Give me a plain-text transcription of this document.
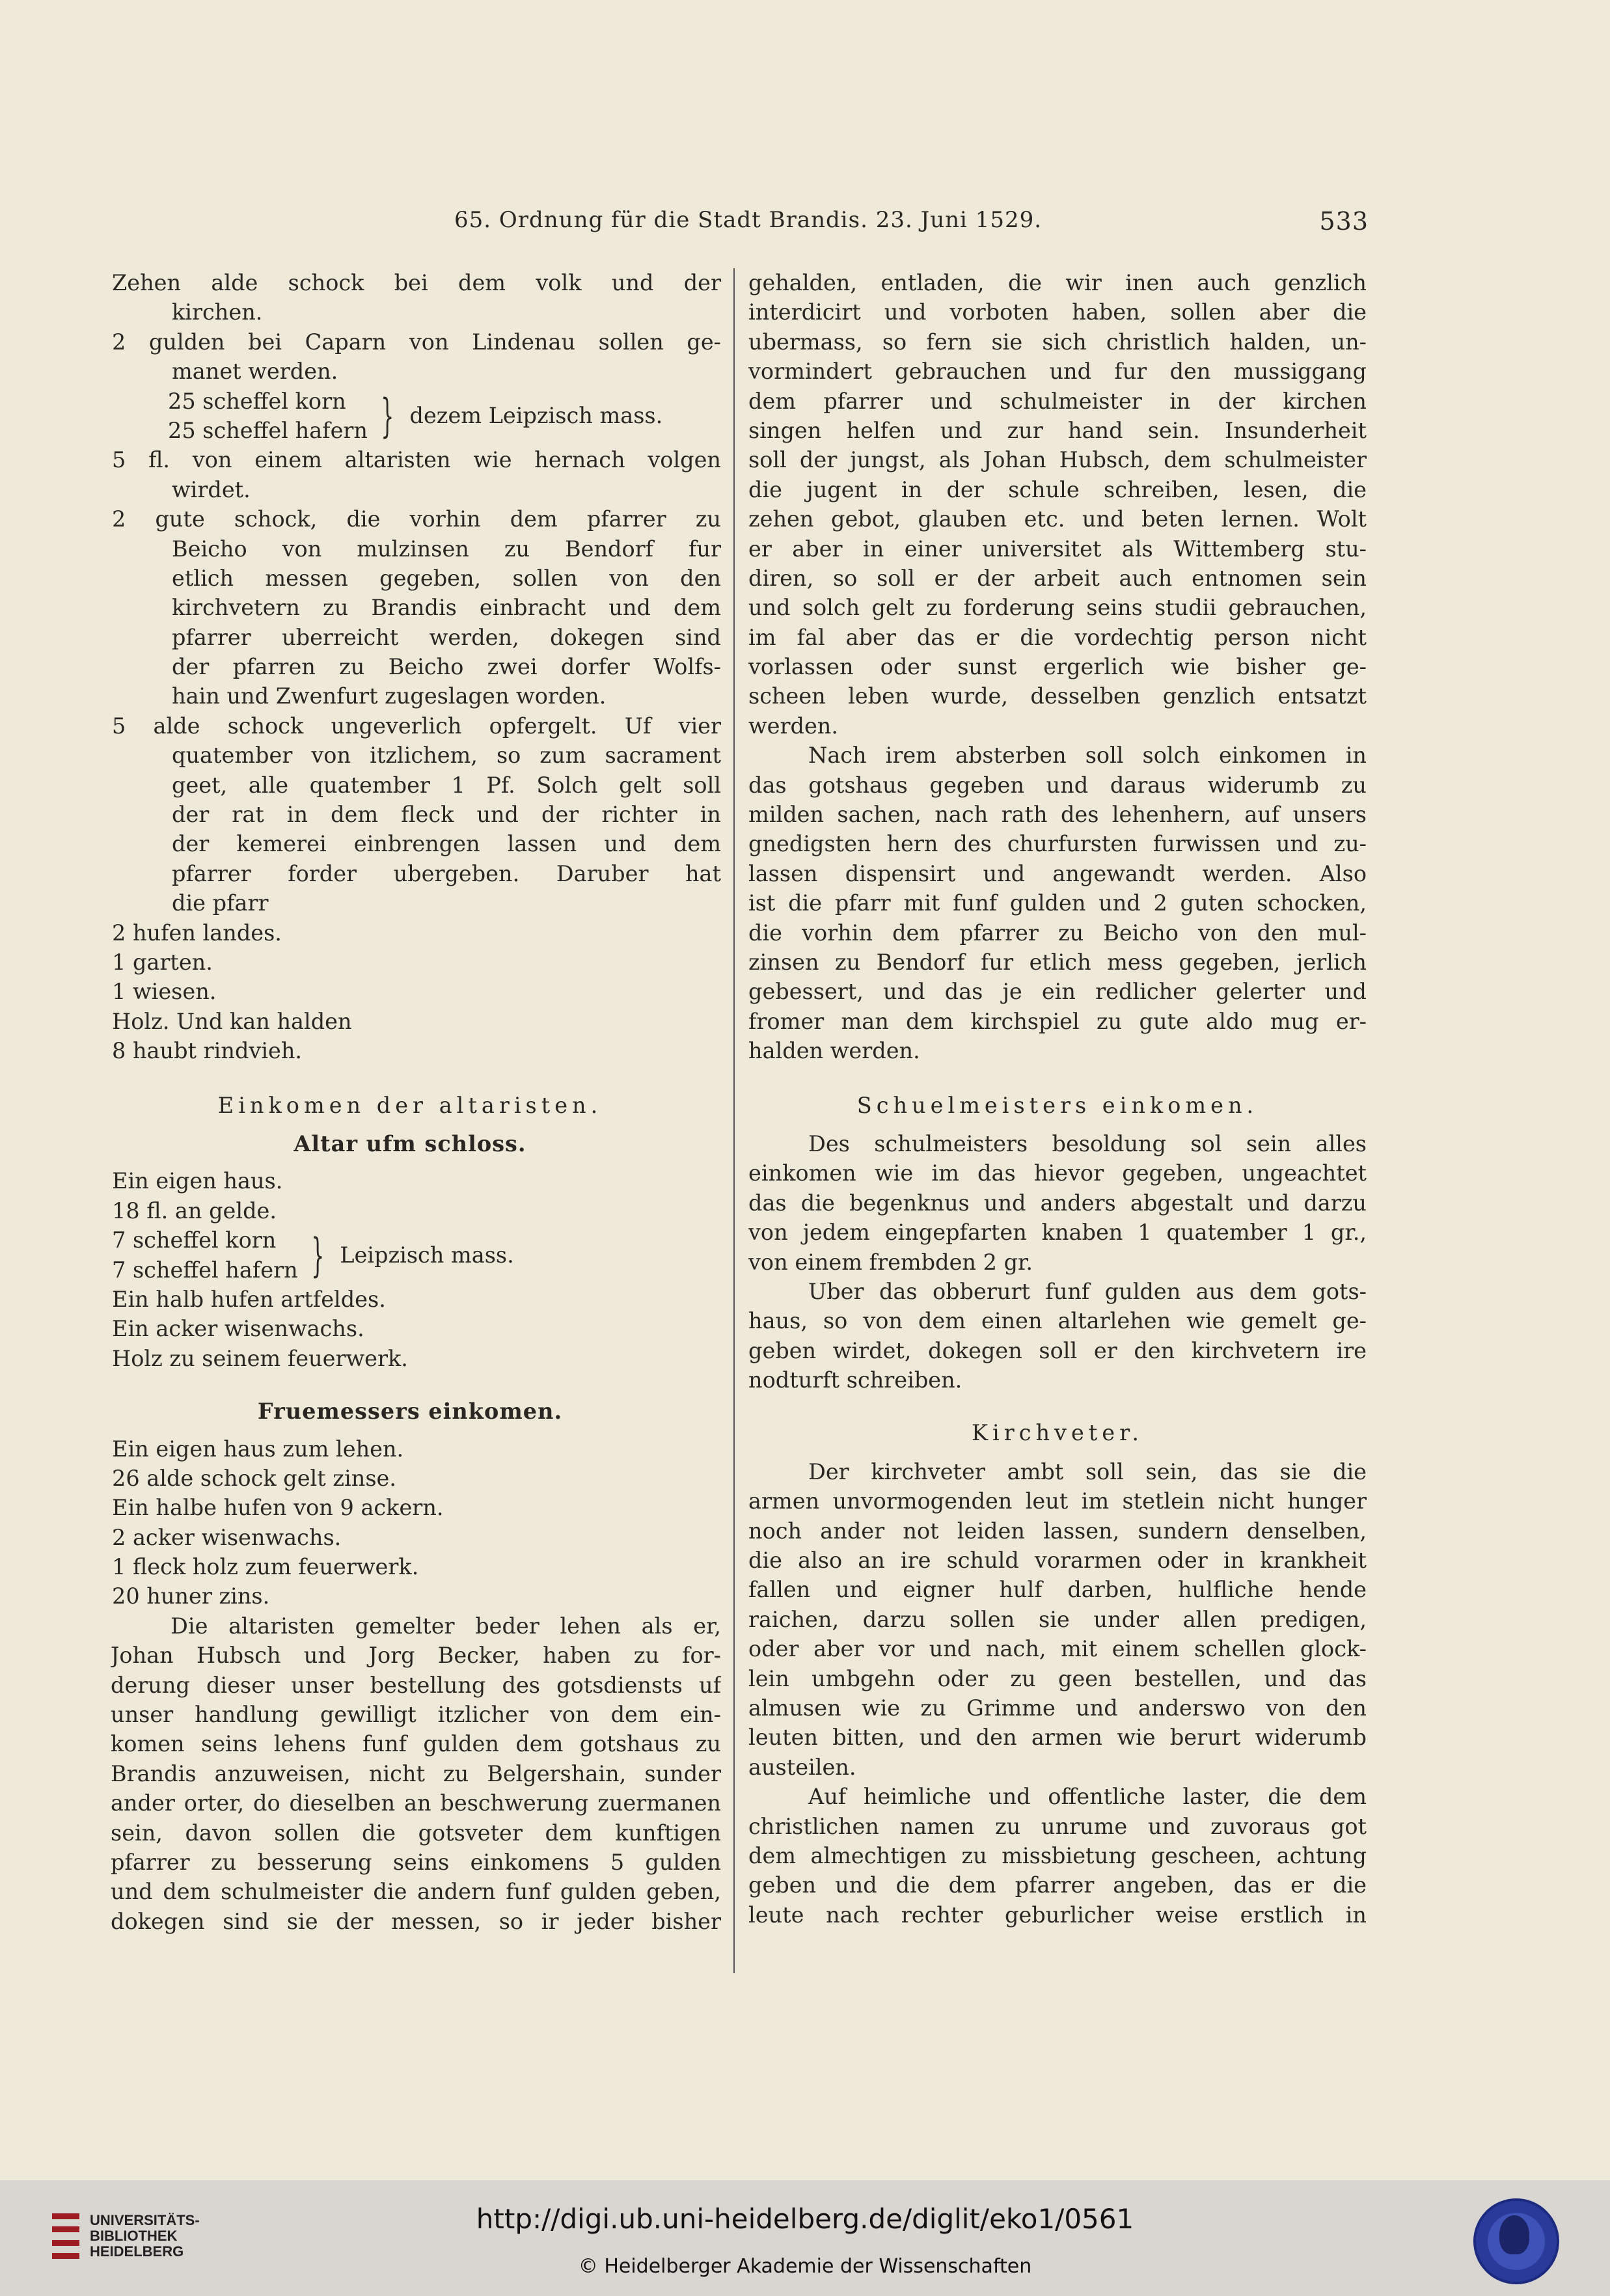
65. Ordnung für die Stadt Brandis. 23. Juni 1529.	533
Zehen alde schock bei dem volk und der
kirchen.
2 gulden bei Caparn von Lindenau sollen ge-
manet werden.
25 scheffel korn
25 scheffel hafern } dezem Leipzisch mass.
5 fl. von einem altaristen wie hernach volgen
wirdet.
2 gute schock, die vorhin dem pfarrer zu
Beicho von mulzinsen zu Bendorf fur
etlich messen gegeben, sollen von den
kirchvetern zu Brandis einbracht und dem
pfarrer uberreicht werden, dokegen sind
der pfarren zu Beicho zwei dorfer Wolfs-
hain und Zwenfurt zugeslagen worden.
5 alde schock ungeverlich opfergelt. Uf vier
quatember von itzlichem, so zum sacrament
geet, alle quatember 1 Pf. Solch gelt soll
der rat in dem fleck und der richter in
der kemerei einbrengen lassen und dem
pfarrer forder ubergeben. Daruber hat
die pfarr
2 hufen landes.
1 garten.
1 wiesen.
Holz. Und kan halden
8 haubt rindvieh.
Einkomen der altaristen.
Altar ufm schloss.
Ein eigen haus.
18 fl. an gelde.
7 scheffel korn
7 scheffel hafern } Leipzisch mass.
Ein halb hufen artfeldes.
Ein acker wisenwachs.
Holz zu seinem feuerwerk.
Fruemessers einkomen.
Ein eigen haus zum lehen.
26 alde schock gelt zinse.
Ein halbe hufen von 9 ackern.
2 acker wisenwachs.
1 fleck holz zum feuerwerk.
20 huner zins.
Die altaristen gemelter beder lehen als er,
Johan Hubsch und Jorg Becker, haben zu for-
derung dieser unser bestellung des gotsdiensts uf
unser handlung gewilligt itzlicher von dem ein-
komen seins lehens funf gulden dem gotshaus zu
Brandis anzuweisen, nicht zu Belgershain, sunder
ander orter, do dieselben an beschwerung zuermanen
sein, davon sollen die gotsveter dem kunftigen
pfarrer zu besserung seins einkomens 5 gulden
und dem schulmeister die andern funf gulden geben,
dokegen sind sie der messen, so ir jeder bisher
gehalden, entladen, die wir inen auch genzlich
interdicirt und vorboten haben, sollen aber die
ubermass, so fern sie sich christlich halden, un-
vormindert gebrauchen und fur den mussiggang
dem pfarrer und schulmeister in der kirchen
singen helfen und zur hand sein. Insunderheit
soll der jungst, als Johan Hubsch, dem schulmeister
die jugent in der schule schreiben, lesen, die
zehen gebot, glauben etc. und beten lernen. Wolt
er aber in einer universitet als Wittemberg stu-
diren, so soll er der arbeit auch entnomen sein
und solch gelt zu forderung seins studii gebrauchen,
im fal aber das er die vordechtig person nicht
vorlassen oder sunst ergerlich wie bisher ge-
scheen leben wurde, desselben genzlich entsatzt
werden.
Nach irem absterben soll solch einkomen in
das gotshaus gegeben und daraus widerumb zu
milden sachen, nach rath des lehenhern, auf unsers
gnedigsten hern des churfursten furwissen und zu-
lassen dispensirt und angewandt werden. Also
ist die pfarr mit funf gulden und 2 guten schocken,
die vorhin dem pfarrer zu Beicho von den mul-
zinsen zu Bendorf fur etlich mess gegeben, jerlich
gebessert, und das je ein redlicher gelerter und
fromer man dem kirchspiel zu gute aldo mug er-
halden werden.
Schuelmeisters einkomen.
Des schulmeisters besoldung sol sein alles
einkomen wie im das hievor gegeben, ungeachtet
das die begenknus und anders abgestalt und darzu
von jedem eingepfarten knaben 1 quatember 1 gr.,
von einem frembden 2 gr.
Uber das obberurt funf gulden aus dem gots-
haus, so von dem einen altarlehen wie gemelt ge-
geben wirdet, dokegen soll er den kirchvetern ire
nodturft schreiben.
Kirchveter.
Der kirchveter ambt soll sein, das sie die
armen unvormogenden leut im stetlein nicht hunger
noch ander not leiden lassen, sundern denselben,
die also an ire schuld vorarmen oder in krankheit
fallen und eigner hulf darben, hulfliche hende
raichen, darzu sollen sie under allen predigen,
oder aber vor und nach, mit einem schellen glock-
lein umbgehn oder zu geen bestellen, und das
almusen wie zu Grimme und anderswo von den
leuten bitten, und den armen wie berurt widerumb
austeilen.
Auf heimliche und offentliche laster, die dem
christlichen namen zu unrume und zuvoraus got
dem almechtigen zu missbietung gescheen, achtung
geben und die dem pfarrer angeben, das er die
leute nach rechter geburlicher weise erstlich in
UNIVERSITÄTS-
BIBLIOTHEK
HEIDELBERG
http://digi.ub.uni-heidelberg.de/diglit/eko1/0561
© Heidelberger Akademie der Wissenschaften
